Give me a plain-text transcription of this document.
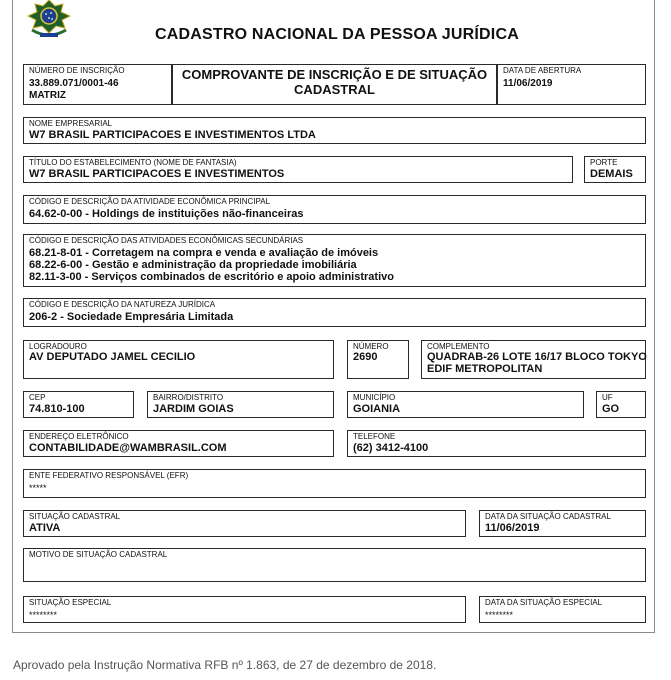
CADASTRO NACIONAL DA PESSOA JURÍDICA
NÚMERO DE INSCRIÇÃO
33.889.071/0001-46
MATRIZ
COMPROVANTE DE INSCRIÇÃO E DE SITUAÇÃO
CADASTRAL
DATA DE ABERTURA
11/06/2019
NOME EMPRESARIAL
W7 BRASIL PARTICIPACOES E INVESTIMENTOS LTDA
TÍTULO DO ESTABELECIMENTO (NOME DE FANTASIA)
W7 BRASIL PARTICIPACOES E INVESTIMENTOS
PORTE
DEMAIS
CÓDIGO E DESCRIÇÃO DA ATIVIDADE ECONÔMICA PRINCIPAL
64.62-0-00 - Holdings de instituições não-financeiras
CÓDIGO E DESCRIÇÃO DAS ATIVIDADES ECONÔMICAS SECUNDÁRIAS
68.21-8-01 - Corretagem na compra e venda e avaliação de imóveis
68.22-6-00 - Gestão e administração da propriedade imobiliária
82.11-3-00 - Serviços combinados de escritório e apoio administrativo
CÓDIGO E DESCRIÇÃO DA NATUREZA JURÍDICA
206-2 - Sociedade Empresária Limitada
LOGRADOURO
AV DEPUTADO JAMEL CECILIO
NÚMERO
2690
COMPLEMENTO
QUADRAB-26 LOTE 16/17 BLOCO TOKYO
EDIF METROPOLITAN
CEP
74.810-100
BAIRRO/DISTRITO
JARDIM GOIAS
MUNICÍPIO
GOIANIA
UF
GO
ENDEREÇO ELETRÔNICO
CONTABILIDADE@WAMBRASIL.COM
TELEFONE
(62) 3412-4100
ENTE FEDERATIVO RESPONSÁVEL (EFR)
*****
SITUAÇÃO CADASTRAL
ATIVA
DATA DA SITUAÇÃO CADASTRAL
11/06/2019
MOTIVO DE SITUAÇÃO CADASTRAL
SITUAÇÃO ESPECIAL
********
DATA DA SITUAÇÃO ESPECIAL
********
Aprovado pela Instrução Normativa RFB nº 1.863, de 27 de dezembro de 2018.
